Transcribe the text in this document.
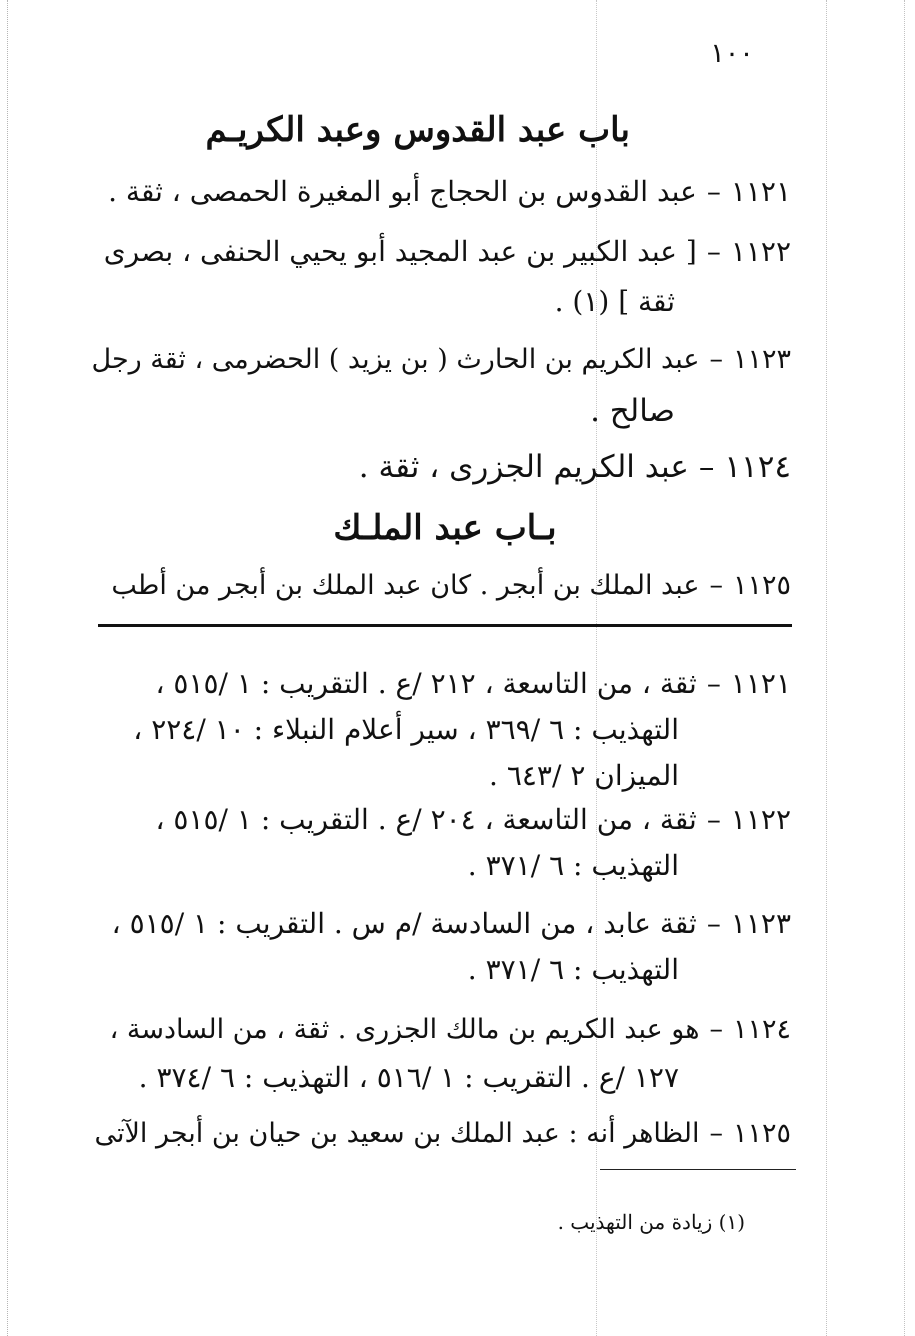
١٠٠
باب عبد القدوس وعبد الكريـم
١١٢١–عبد القدوس بن الحجاج أبو المغيرة الحمصى ، ثقة .
١١٢٢–[ عبد الكبير بن عبد المجيد أبو يحيي الحنفى ، بصرى
ثقة ] (١) .
١١٢٣–عبد الكريم بن الحارث ( بن يزيد ) الحضرمى ، ثقة رجل
صالح .
١١٢٤–عبد الكريم الجزرى ، ثقة .
بـاب عبد الملـك
١١٢٥–عبد الملك بن أبجر . كان عبد الملك بن أبجر من أطب
١١٢١–ثقة ، من التاسعة ، ٢١٢ /ع . التقريب : ١ /٥١٥ ،
التهذيب : ٦ /٣٦٩ ، سير أعلام النبلاء : ١٠ /٢٢٤ ،
الميزان ٢ /٦٤٣ .
١١٢٢–ثقة ، من التاسعة ، ٢٠٤ /ع . التقريب : ١ /٥١٥ ،
التهذيب : ٦ /٣٧١ .
١١٢٣–ثقة عابد ، من السادسة /م س . التقريب : ١ /٥١٥ ،
التهذيب : ٦ /٣٧١ .
١١٢٤–هو عبد الكريم بن مالك الجزرى . ثقة ، من السادسة ،
١٢٧ /ع . التقريب : ١ /٥١٦ ، التهذيب : ٦ /٣٧٤ .
١١٢٥–الظاهر أنه : عبد الملك بن سعيد بن حيان بن أبجر الآتى
(١) زيادة من التهذيب .
